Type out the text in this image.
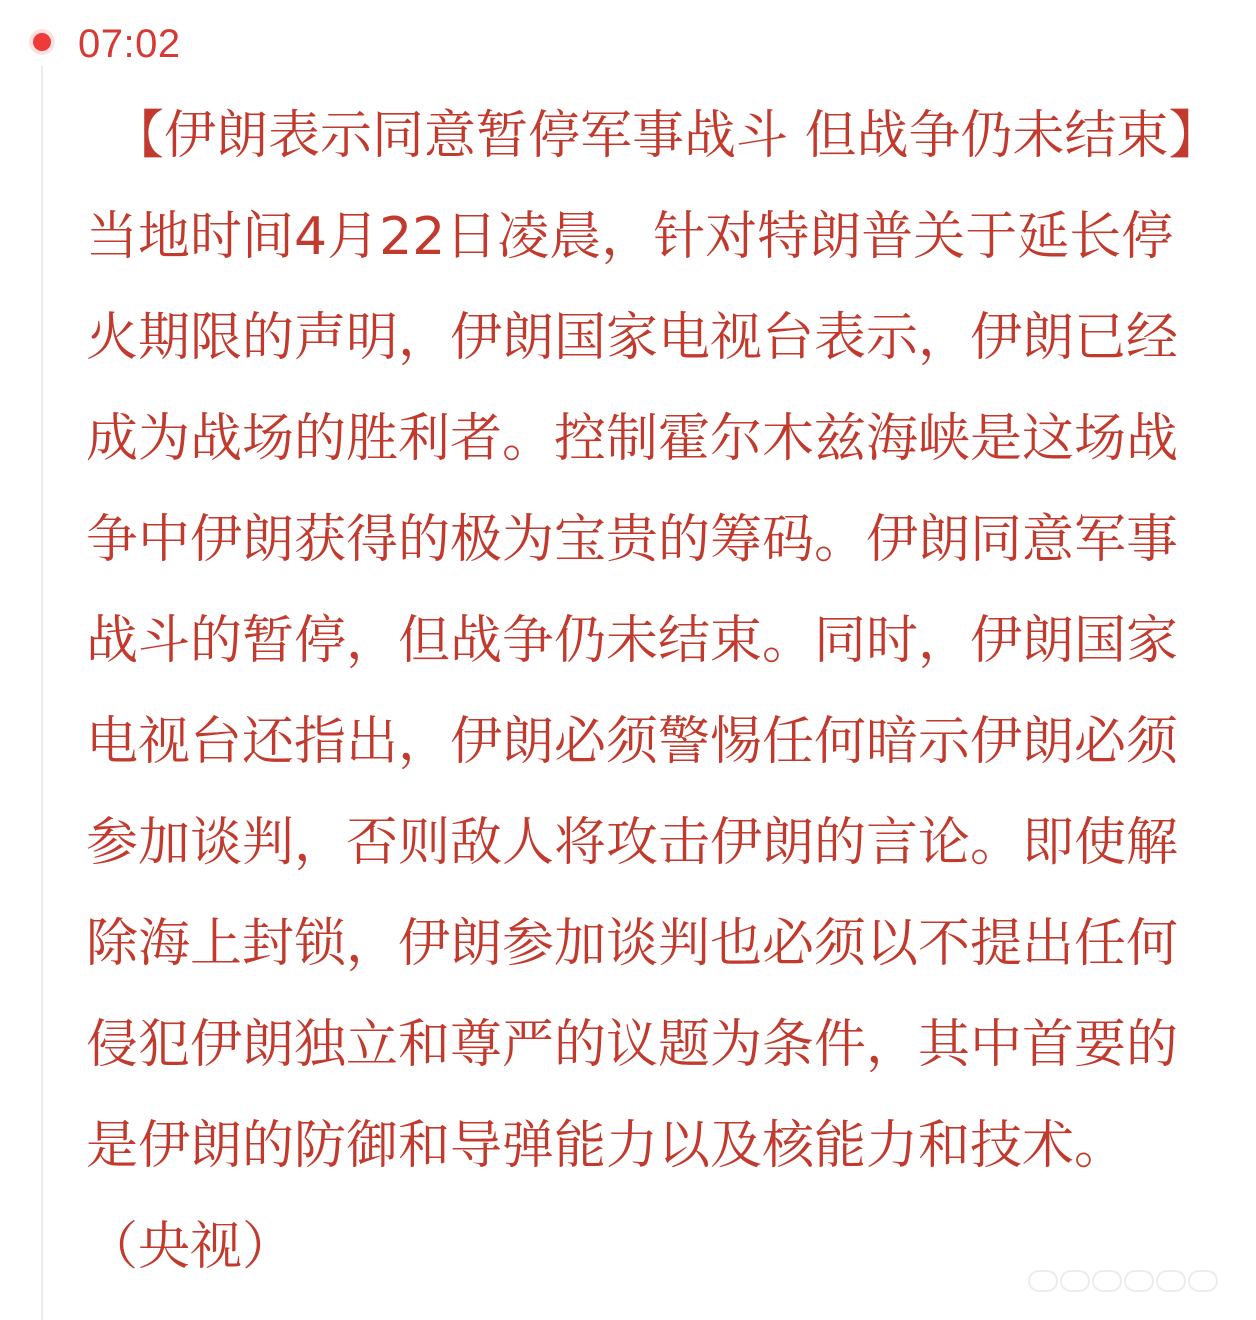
07:02

【伊朗表示同意暂停军事战斗 但战争仍未结束】当地时间4月22日凌晨，针对特朗普关于延长停火期限的声明，伊朗国家电视台表示，伊朗已经成为战场的胜利者。控制霍尔木兹海峡是这场战争中伊朗获得的极为宝贵的筹码。伊朗同意军事战斗的暂停，但战争仍未结束。同时，伊朗国家电视台还指出，伊朗必须警惕任何暗示伊朗必须参加谈判，否则敌人将攻击伊朗的言论。即使解除海上封锁，伊朗参加谈判也必须以不提出任何侵犯伊朗独立和尊严的议题为条件，其中首要的是伊朗的防御和导弹能力以及核能力和技术。（央视）
